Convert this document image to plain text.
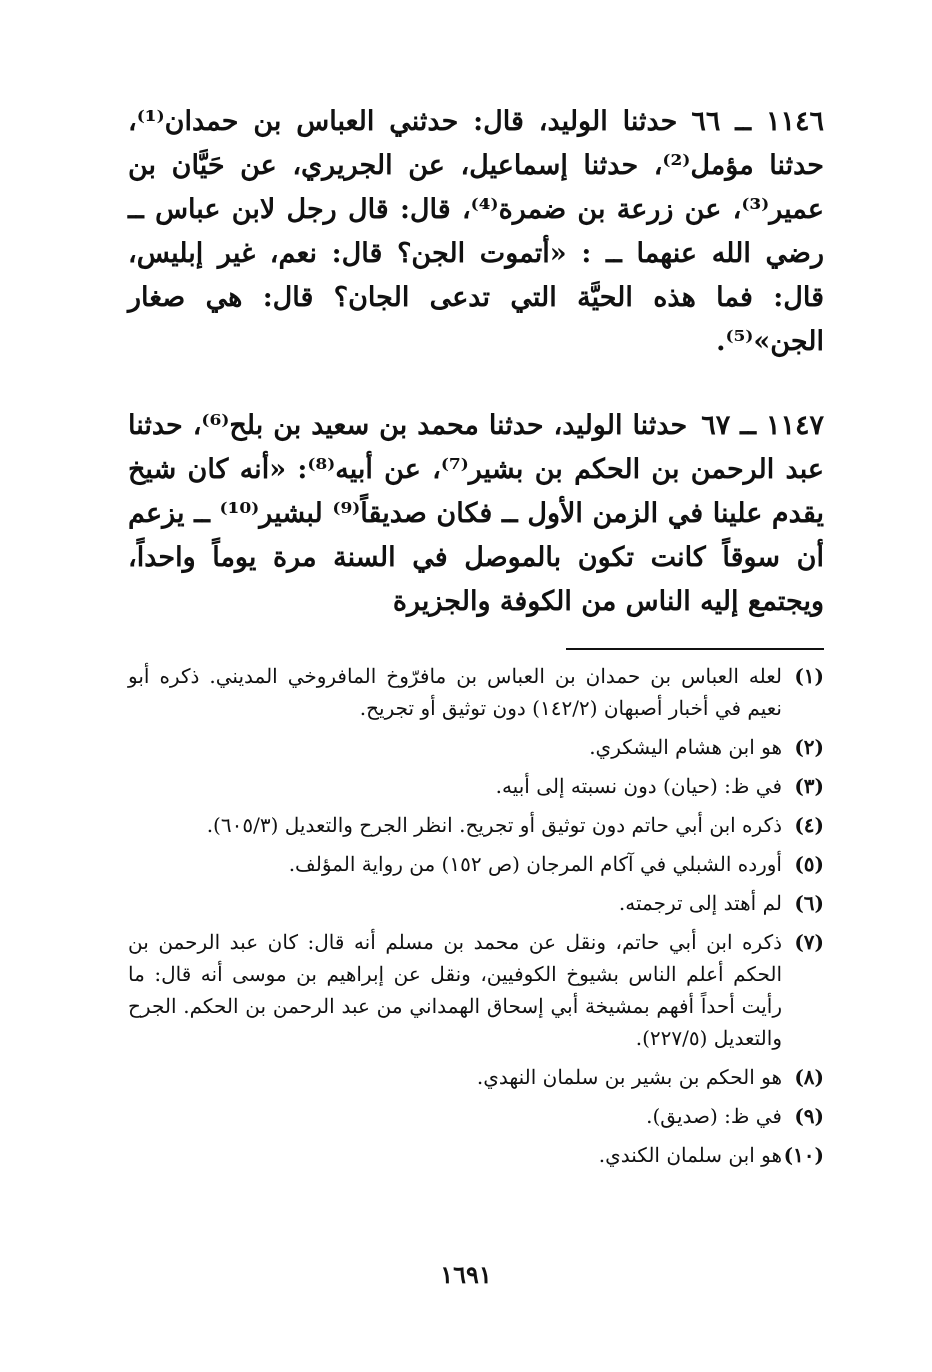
١١٤٦ ــ ٦٦حدثنا الوليد، قال: حدثني العباس بن حمدان⁽¹⁾، حدثنا مؤمل⁽²⁾، حدثنا إسماعيل، عن الجريري، عن حَيَّان بن عمير⁽³⁾، عن زرعة بن ضمرة⁽⁴⁾، قال: قال رجل لابن عباس ــ رضي الله عنهما ــ : «أتموت الجن؟ قال: نعم، غير إبليس، قال: فما هذه الحيَّة التي تدعى الجان؟ قال: هي صغار الجن»⁽⁵⁾.

١١٤٧ ــ ٦٧حدثنا الوليد، حدثنا محمد بن سعيد بن بلح⁽⁶⁾، حدثنا عبد الرحمن بن الحكم بن بشير⁽⁷⁾، عن أبيه⁽⁸⁾: «أنه كان شيخ يقدم علينا في الزمن الأول ــ فكان صديقاً⁽⁹⁾ لبشير⁽¹⁰⁾ ــ يزعم أن سوقاً كانت تكون بالموصل في السنة مرة يوماً واحداً، ويجتمع إليه الناس من الكوفة والجزيرة

(١)
لعله العباس بن حمدان بن العباس بن مافرّوخ المافروخي المديني. ذكره أبو نعيم في أخبار أصبهان (١٤٢/٢) دون توثيق أو تجريح.
(٢)
هو ابن هشام اليشكري.
(٣)
في ظ: (حيان) دون نسبته إلى أبيه.
(٤)
ذكره ابن أبي حاتم دون توثيق أو تجريح. انظر الجرح والتعديل (٦٠٥/٣).
(٥)
أورده الشبلي في آكام المرجان (ص ١٥٢) من رواية المؤلف.
(٦)
لم أهتد إلى ترجمته.
(٧)
ذكره ابن أبي حاتم، ونقل عن محمد بن مسلم أنه قال: كان عبد الرحمن بن الحكم أعلم الناس بشيوخ الكوفيين، ونقل عن إبراهيم بن موسى أنه قال: ما رأيت أحداً أفهم بمشيخة أبي إسحاق الهمداني من عبد الرحمن بن الحكم. الجرح والتعديل (٢٢٧/٥).
(٨)
هو الحكم بن بشير بن سلمان النهدي.
(٩)
في ظ: (صديق).
(١٠)
هو ابن سلمان الكندي.
١٦٩١
